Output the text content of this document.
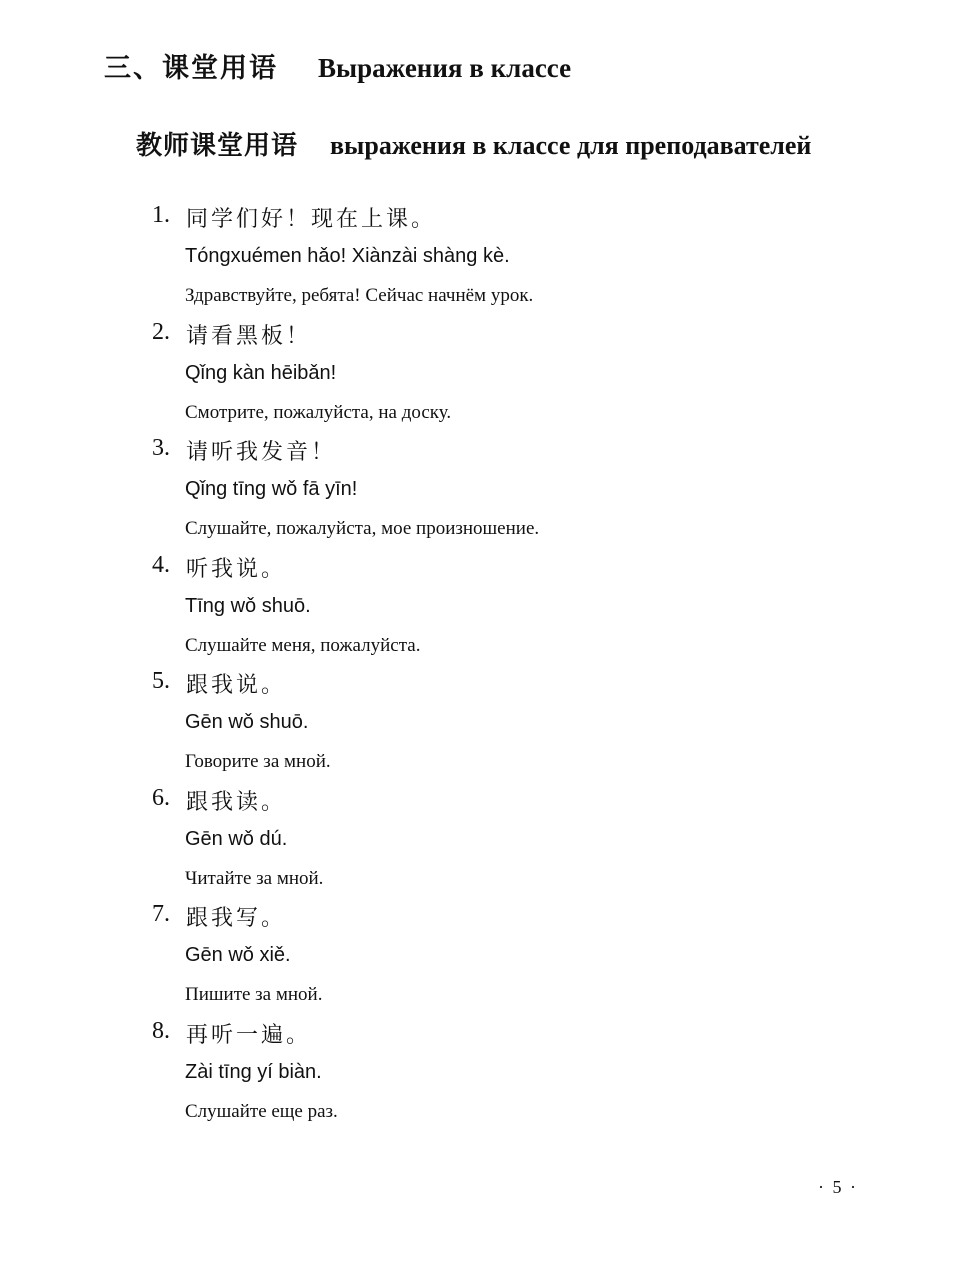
三、课堂用语 Выражения в классе
教师课堂用语 выражения в классе для преподавателей
1. 同学们好！现在上课。
Tóngxuémen hǎo! Xiànzài shàng kè.
Здравствуйте, ребята! Сейчас начнём урок.
2. 请看黑板！
Qǐng kàn hēibǎn!
Смотрите, пожалуйста, на доску.
3. 请听我发音！
Qǐng tīng wǒ fā yīn!
Слушайте, пожалуйста, мое произношение.
4. 听我说。
Tīng wǒ shuō.
Слушайте меня, пожалуйста.
5. 跟我说。
Gēn wǒ shuō.
Говорите за мной.
6. 跟我读。
Gēn wǒ dú.
Читайте за мной.
7. 跟我写。
Gēn wǒ xiě.
Пишите за мной.
8. 再听一遍。
Zài tīng yí biàn.
Слушайте еще раз.
· 5 ·
